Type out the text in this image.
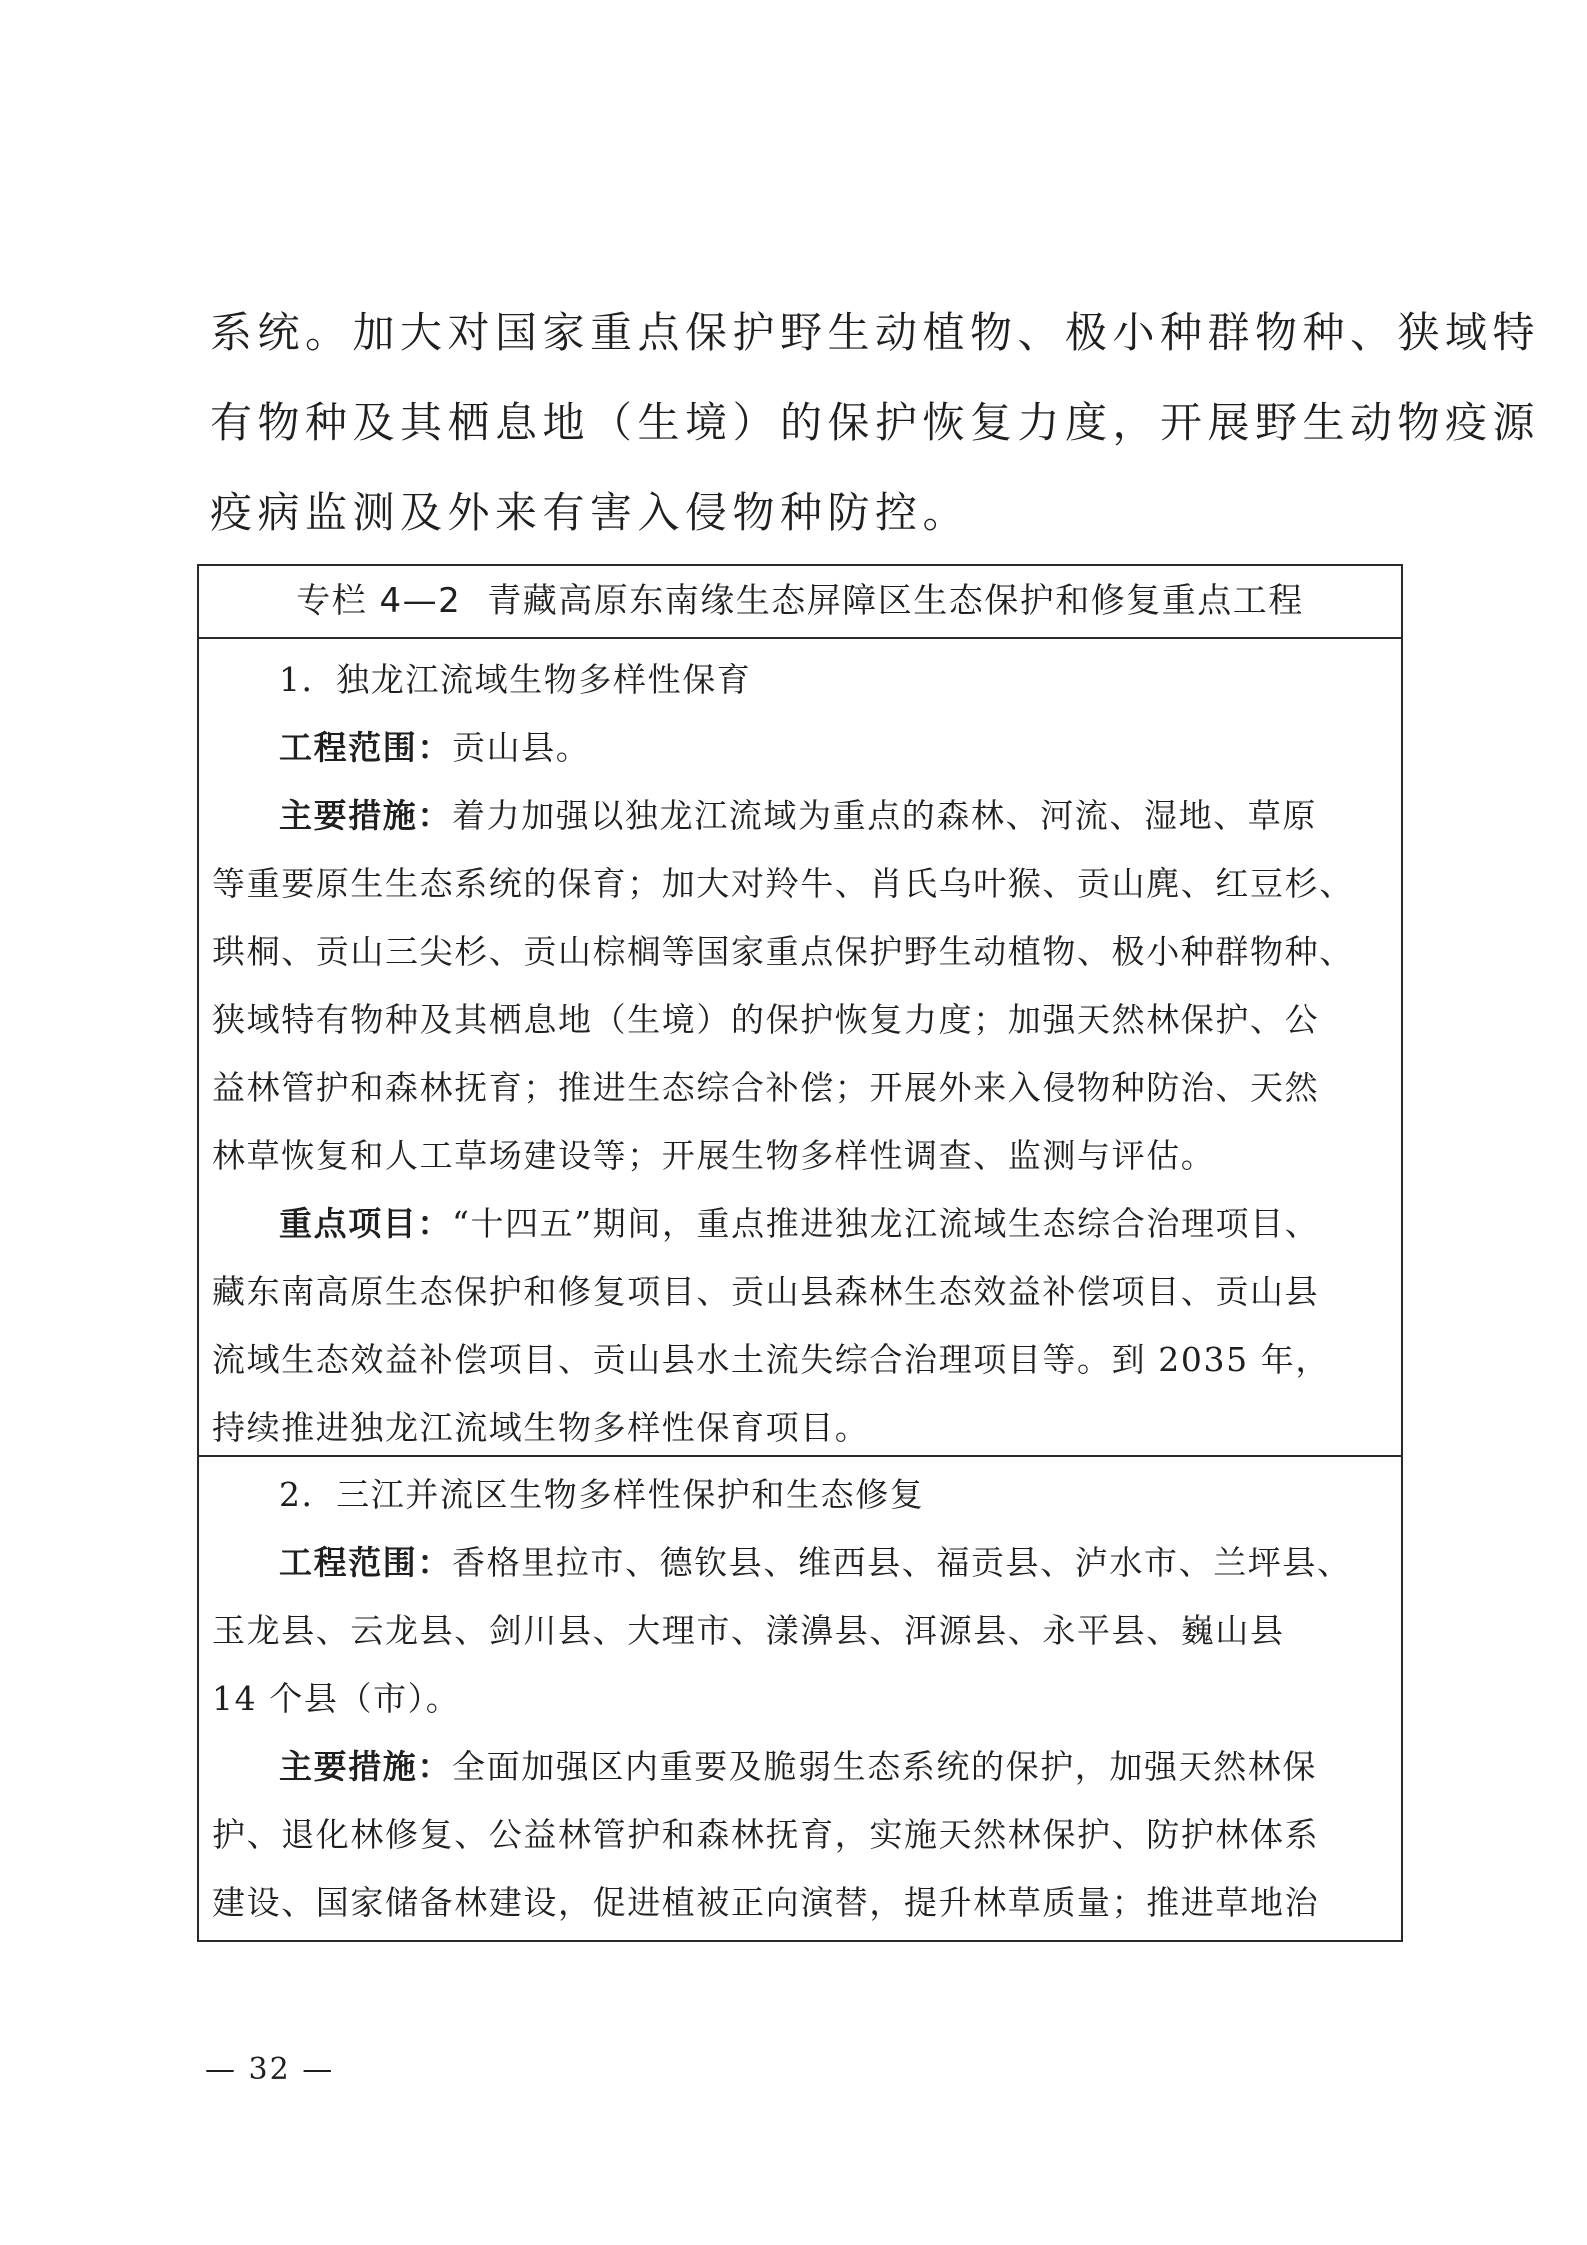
系统。加大对国家重点保护野生动植物、极小种群物种、狭域特
有物种及其栖息地（生境）的保护恢复力度，开展野生动物疫源
疫病监测及外来有害入侵物种防控。
专栏 4—2 青藏高原东南缘生态屏障区生态保护和修复重点工程
1．独龙江流域生物多样性保育
工程范围：贡山县。
主要措施：着力加强以独龙江流域为重点的森林、河流、湿地、草原
等重要原生生态系统的保育；加大对羚牛、肖氏乌叶猴、贡山麂、红豆杉、
珙桐、贡山三尖杉、贡山棕榈等国家重点保护野生动植物、极小种群物种、
狭域特有物种及其栖息地（生境）的保护恢复力度；加强天然林保护、公
益林管护和森林抚育；推进生态综合补偿；开展外来入侵物种防治、天然
林草恢复和人工草场建设等；开展生物多样性调查、监测与评估。
重点项目：“十四五”期间，重点推进独龙江流域生态综合治理项目、
藏东南高原生态保护和修复项目、贡山县森林生态效益补偿项目、贡山县
流域生态效益补偿项目、贡山县水土流失综合治理项目等。到 2035 年，
持续推进独龙江流域生物多样性保育项目。
2．三江并流区生物多样性保护和生态修复
工程范围：香格里拉市、德钦县、维西县、福贡县、泸水市、兰坪县、
玉龙县、云龙县、剑川县、大理市、漾濞县、洱源县、永平县、巍山县
14 个县（市）。
主要措施：全面加强区内重要及脆弱生态系统的保护，加强天然林保
护、退化林修复、公益林管护和森林抚育，实施天然林保护、防护林体系
建设、国家储备林建设，促进植被正向演替，提升林草质量；推进草地治
— 32 —
